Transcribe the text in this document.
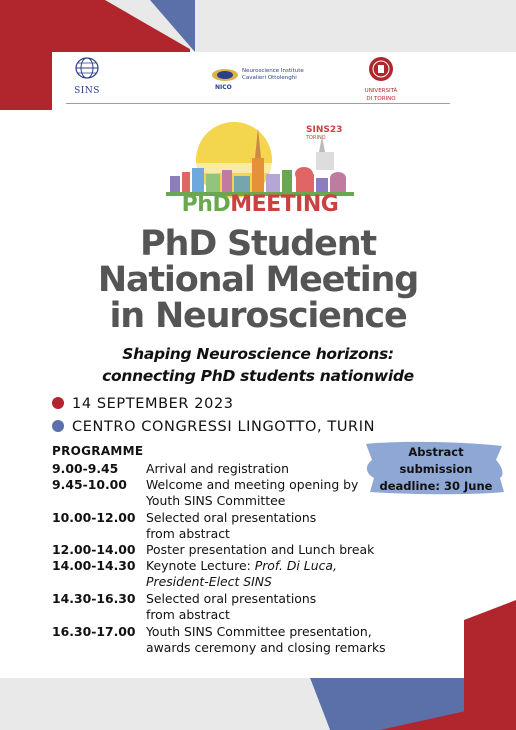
SINS
Neuroscience Institute
Cavalieri Ottolenghi
NICO	UNIVERSITÀ
DI TORINO
SINS23
TORINO
PhDMEETING
PhD Student
National Meeting
in Neuroscience
Shaping Neuroscience horizons:
connecting PhD students nationwide
14 SEPTEMBER 2023
CENTRO CONGRESSI LINGOTTO, TURIN
PROGRAMME
9.00-9.45 Arrival and registration
9.45-10.00 Welcome and meeting opening by
Youth SINS Committee
10.00-12.00 Selected oral presentations
from abstract
12.00-14.00 Poster presentation and Lunch break
14.00-14.30 Keynote Lecture: Prof. Di Luca,
President-Elect SINS
14.30-16.30 Selected oral presentations
from abstract
16.30-17.00 Youth SINS Committee presentation,
awards ceremony and closing remarks
Abstract
submission
deadline: 30 June
